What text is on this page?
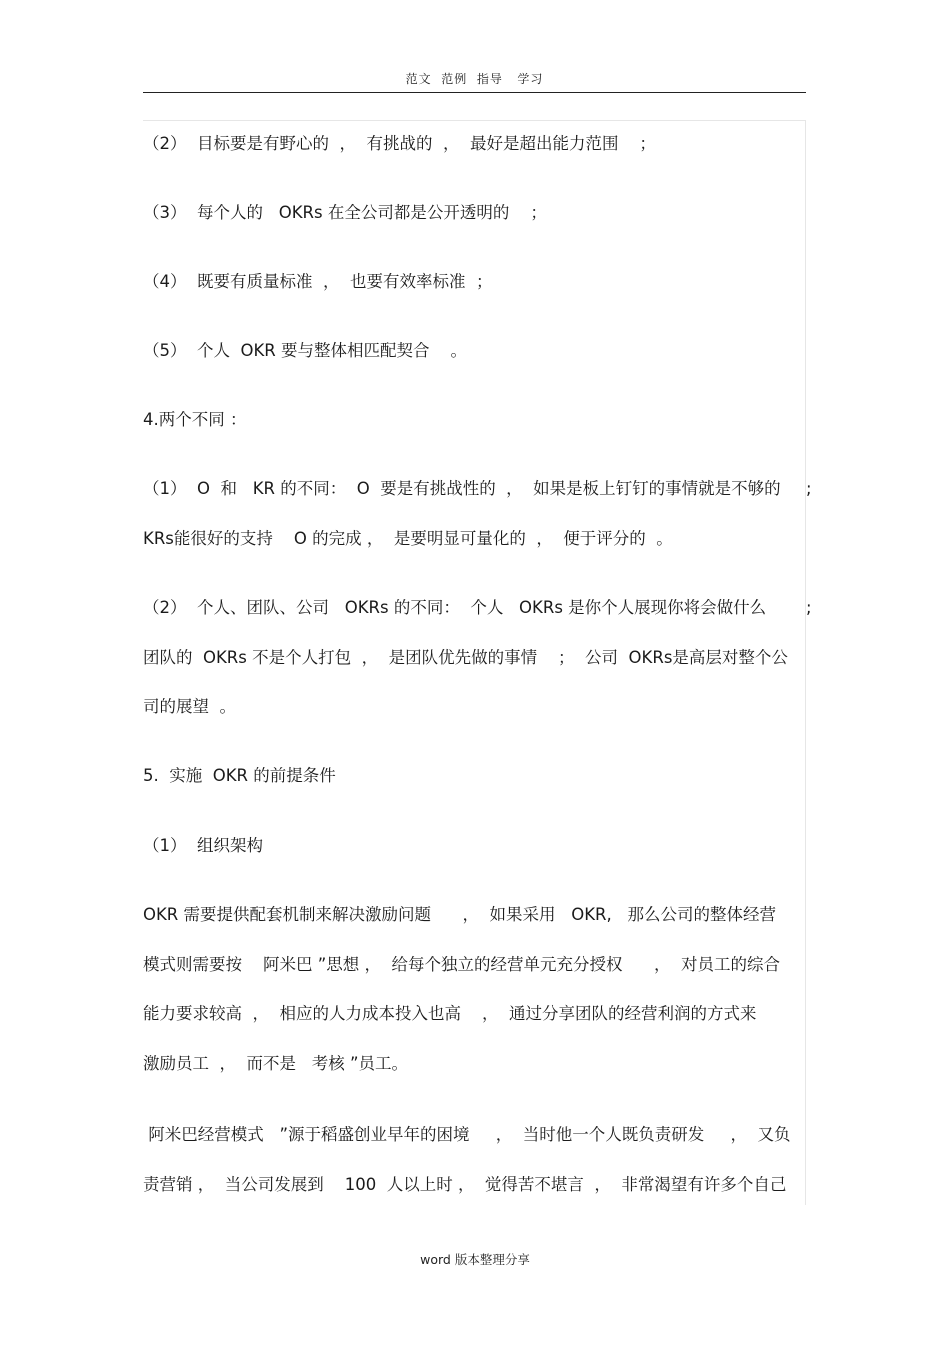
范文  范例  指导   学习
（2）  目标要是有野心的  ，  有挑战的  ，  最好是超出能力范围    ；
（3）  每个人的   OKRs 在全公司都是公开透明的    ；
（4）  既要有质量标准  ，  也要有效率标准  ；
（5）  个人  OKR 要与整体相匹配契合    。
4.两个不同 ：
（1）  O  和   KR 的不同：  O  要是有挑战性的  ，  如果是板上钉钉的事情就是不够的 ;
KRs能很好的支持    O 的完成 ，  是要明显可量化的  ，  便于评分的  。
（2）  个人、团队、公司   OKRs 的不同：  个人   OKRs 是你个人展现你将会做什么 ;
团队的  OKRs 不是个人打包  ，  是团队优先做的事情    ；  公司  OKRs是高层对整个公
司的展望  。
5.  实施  OKR 的前提条件
（1）  组织架构
OKR 需要提供配套机制来解决激励问题      ，  如果采用   OKR,   那么公司的整体经营
模式则需要按    阿米巴 ”思想 ，  给每个独立的经营单元充分授权      ，  对员工的综合
能力要求较高  ，  相应的人力成本投入也高    ，  通过分享团队的经营利润的方式来
激励员工  ，  而不是   考核 ”员工。
阿米巴经营模式   ”源于稻盛创业早年的困境     ，  当时他一个人既负责研发     ，  又负
责营销 ，  当公司发展到    100  人以上时 ，  觉得苦不堪言  ，  非常渴望有许多个自己
word 版本整理分享
